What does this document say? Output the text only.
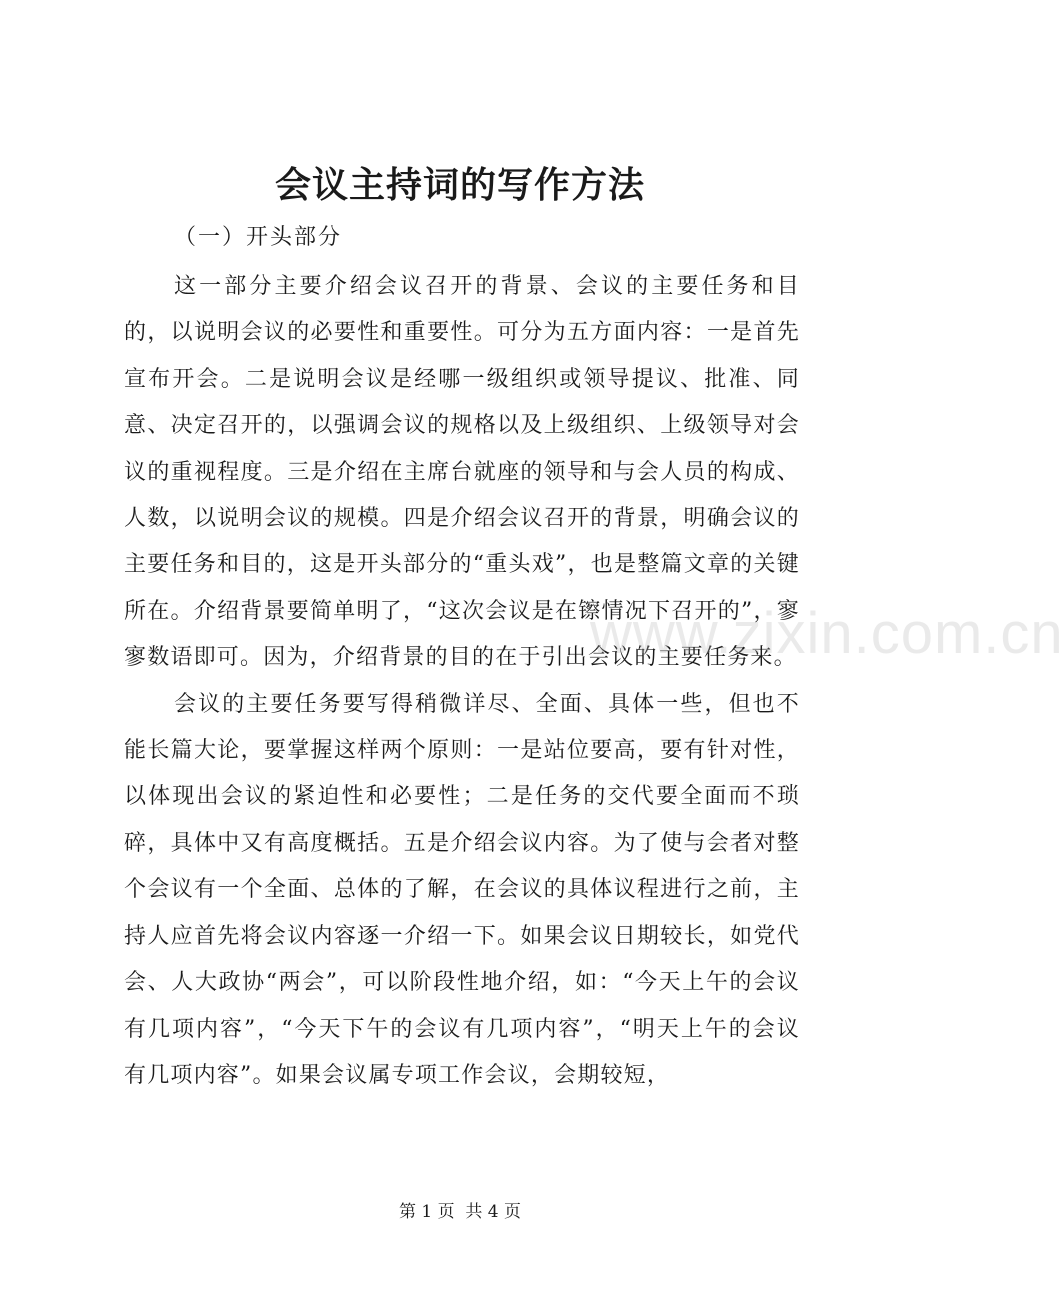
会议主持词的写作方法

（一）开头部分

这一部分主要介绍会议召开的背景、会议的主要任务和目的，以说明会议的必要性和重要性。可分为五方面内容：一是首先宣布开会。二是说明会议是经哪一级组织或领导提议、批准、同意、决定召开的，以强调会议的规格以及上级组织、上级领导对会议的重视程度。三是介绍在主席台就座的领导和与会人员的构成、人数，以说明会议的规模。四是介绍会议召开的背景，明确会议的主要任务和目的，这是开头部分的“重头戏”，也是整篇文章的关键所在。介绍背景要简单明了，“这次会议是在镲情况下召开的”，寥寥数语即可。因为，介绍背景的目的在于引出会议的主要任务来。

会议的主要任务要写得稍微详尽、全面、具体一些，但也不能长篇大论，要掌握这样两个原则：一是站位要高，要有针对性，以体现出会议的紧迫性和必要性；二是任务的交代要全面而不琐碎，具体中又有高度概括。五是介绍会议内容。为了使与会者对整个会议有一个全面、总体的了解，在会议的具体议程进行之前，主持人应首先将会议内容逐一介绍一下。如果会议日期较长，如党代会、人大政协“两会”，可以阶段性地介绍，如：“今天上午的会议有几项内容”，“今天下午的会议有几项内容”，“明天上午的会议有几项内容”。如果会议属专项工作会议，会期较短，

www.zixin.com.cn
第 1 页  共 4 页
